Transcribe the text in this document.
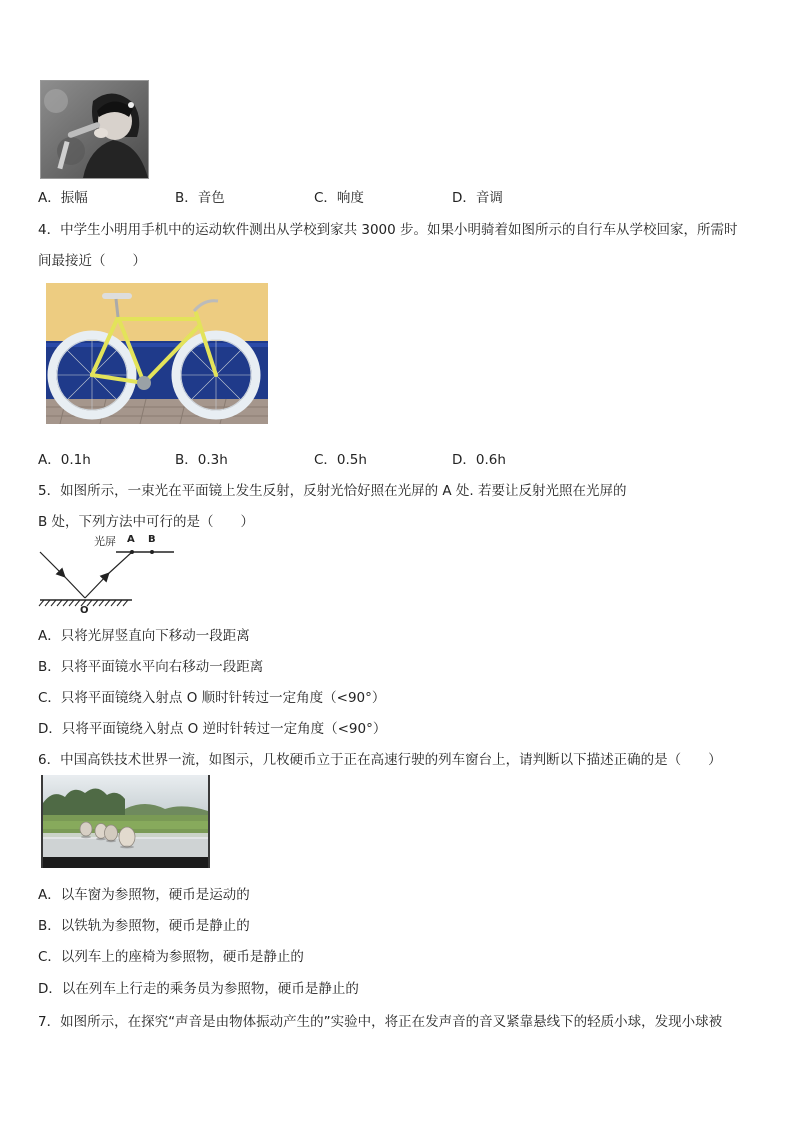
A．振幅	B．音色	C．响度	D．音调
4．中学生小明用手机中的运动软件测出从学校到家共 3000 步。如果小明骑着如图所示的自行车从学校回家，所需时
间最接近（　　）
A．0.1h	B．0.3h	C．0.5h	D．0.6h
5．如图所示，一束光在平面镜上发生反射，反射光恰好照在光屏的 A 处. 若要让反射光照在光屏的
B 处，下列方法中可行的是（　　）
光屏 A B
O
A．只将光屏竖直向下移动一段距离
B．只将平面镜水平向右移动一段距离
C．只将平面镜绕入射点 O 顺时针转过一定角度（<90°）
D．只将平面镜绕入射点 O 逆时针转过一定角度（<90°）
6．中国高铁技术世界一流，如图示，几枚硬币立于正在高速行驶的列车窗台上，请判断以下描述正确的是（　　）
A．以车窗为参照物，硬币是运动的
B．以铁轨为参照物，硬币是静止的
C．以列车上的座椅为参照物，硬币是静止的
D．以在列车上行走的乘务员为参照物，硬币是静止的
7．如图所示，在探究“声音是由物体振动产生的”实验中，将正在发声音的音叉紧靠悬线下的轻质小球，发现小球被
